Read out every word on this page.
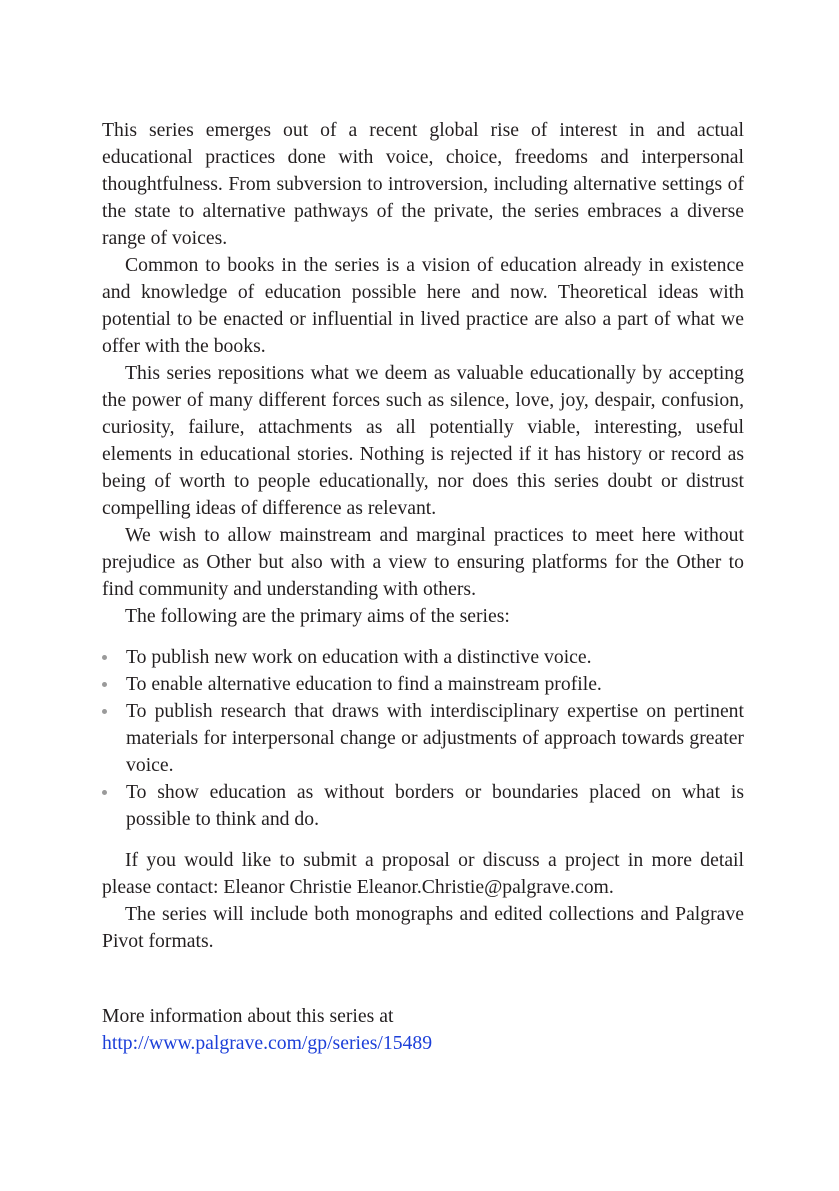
This series emerges out of a recent global rise of interest in and actual educational practices done with voice, choice, freedoms and interpersonal thoughtfulness. From subversion to introversion, including alternative settings of the state to alternative pathways of the private, the series embraces a diverse range of voices.

Common to books in the series is a vision of education already in existence and knowledge of education possible here and now. Theoretical ideas with potential to be enacted or influential in lived practice are also a part of what we offer with the books.

This series repositions what we deem as valuable educationally by accepting the power of many different forces such as silence, love, joy, despair, confusion, curiosity, failure, attachments as all potentially viable, interesting, useful elements in educational stories. Nothing is rejected if it has history or record as being of worth to people educationally, nor does this series doubt or distrust compelling ideas of difference as relevant.

We wish to allow mainstream and marginal practices to meet here without prejudice as Other but also with a view to ensuring platforms for the Other to find community and understanding with others.

The following are the primary aims of the series:

To publish new work on education with a distinctive voice.
To enable alternative education to find a mainstream profile.
To publish research that draws with interdisciplinary expertise on pertinent materials for interpersonal change or adjustments of approach towards greater voice.
To show education as without borders or boundaries placed on what is possible to think and do.

If you would like to submit a proposal or discuss a project in more detail please contact: Eleanor Christie Eleanor.Christie@palgrave.com.

The series will include both monographs and edited collections and Palgrave Pivot formats.

More information about this series at

http://www.palgrave.com/gp/series/15489
